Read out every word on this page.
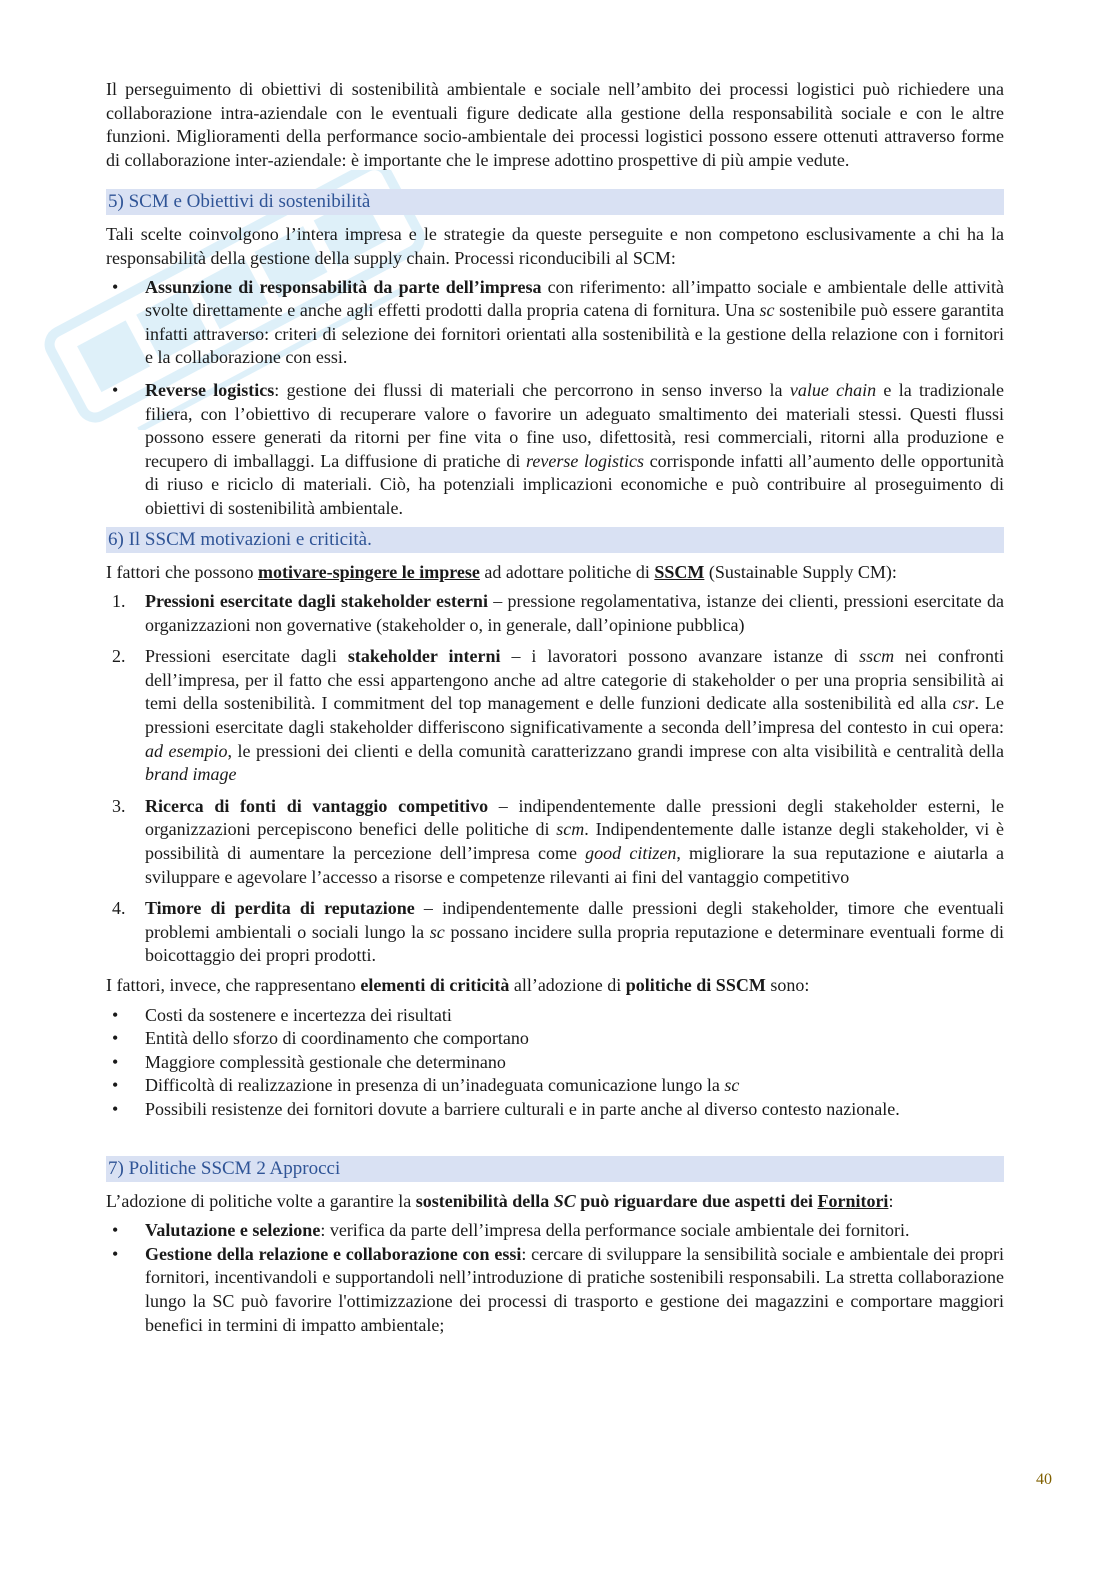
Il perseguimento di obiettivi di sostenibilità ambientale e sociale nell’ambito dei processi logistici può richiedere una collaborazione intra-aziendale con le eventuali figure dedicate alla gestione della responsabilità sociale e con le altre funzioni. Miglioramenti della performance socio-ambientale dei processi logistici possono essere ottenuti attraverso forme di collaborazione inter-aziendale: è importante che le imprese adottino prospettive di più ampie vedute.

5) SCM e Obiettivi di sostenibilità

Tali scelte coinvolgono l’intera impresa e le strategie da queste perseguite e non competono esclusivamente a chi ha la responsabilità della gestione della supply chain. Processi riconducibili al SCM:

• Assunzione di responsabilità da parte dell’impresa con riferimento: all’impatto sociale e ambientale delle attività svolte direttamente e anche agli effetti prodotti dalla propria catena di fornitura. Una sc sostenibile può essere garantita infatti attraverso: criteri di selezione dei fornitori orientati alla sostenibilità e la gestione della relazione con i fornitori e la collaborazione con essi.
• Reverse logistics: gestione dei flussi di materiali che percorrono in senso inverso la value chain e la tradizionale filiera, con l’obiettivo di recuperare valore o favorire un adeguato smaltimento dei materiali stessi. Questi flussi possono essere generati da ritorni per fine vita o fine uso, difettosità, resi commerciali, ritorni alla produzione e recupero di imballaggi. La diffusione di pratiche di reverse logistics corrisponde infatti all’aumento delle opportunità di riuso e riciclo di materiali. Ciò, ha potenziali implicazioni economiche e può contribuire al proseguimento di obiettivi di sostenibilità ambientale.
6) Il SSCM motivazioni e criticità.

I fattori che possono motivare-spingere le imprese ad adottare politiche di SSCM (Sustainable Supply CM):

1. Pressioni esercitate dagli stakeholder esterni – pressione regolamentativa, istanze dei clienti, pressioni esercitate da organizzazioni non governative (stakeholder o, in generale, dall’opinione pubblica)
2. Pressioni esercitate dagli stakeholder interni – i lavoratori possono avanzare istanze di sscm nei confronti dell’impresa, per il fatto che essi appartengono anche ad altre categorie di stakeholder o per una propria sensibilità ai temi della sostenibilità. I commitment del top management e delle funzioni dedicate alla sostenibilità ed alla csr. Le pressioni esercitate dagli stakeholder differiscono significativamente a seconda dell’impresa del contesto in cui opera: ad esempio, le pressioni dei clienti e della comunità caratterizzano grandi imprese con alta visibilità e centralità della brand image
3. Ricerca di fonti di vantaggio competitivo – indipendentemente dalle pressioni degli stakeholder esterni, le organizzazioni percepiscono benefici delle politiche di scm. Indipendentemente dalle istanze degli stakeholder, vi è possibilità di aumentare la percezione dell’impresa come good citizen, migliorare la sua reputazione e aiutarla a sviluppare e agevolare l’accesso a risorse e competenze rilevanti ai fini del vantaggio competitivo
4. Timore di perdita di reputazione – indipendentemente dalle pressioni degli stakeholder, timore che eventuali problemi ambientali o sociali lungo la sc possano incidere sulla propria reputazione e determinare eventuali forme di boicottaggio dei propri prodotti.

I fattori, invece, che rappresentano elementi di criticità all’adozione di politiche di SSCM sono:

• Costi da sostenere e incertezza dei risultati
• Entità dello sforzo di coordinamento che comportano
• Maggiore complessità gestionale che determinano
• Difficoltà di realizzazione in presenza di un’inadeguata comunicazione lungo la sc
• Possibili resistenze dei fornitori dovute a barriere culturali e in parte anche al diverso contesto nazionale.
7) Politiche SSCM 2 Approcci

L’adozione di politiche volte a garantire la sostenibilità della SC può riguardare due aspetti dei Fornitori:

• Valutazione e selezione: verifica da parte dell’impresa della performance sociale ambientale dei fornitori.
• Gestione della relazione e collaborazione con essi: cercare di sviluppare la sensibilità sociale e ambientale dei propri fornitori, incentivandoli e supportandoli nell’introduzione di pratiche sostenibili responsabili. La stretta collaborazione lungo la SC può favorire l'ottimizzazione dei processi di trasporto e gestione dei magazzini e comportare maggiori benefici in termini di impatto ambientale;
40
